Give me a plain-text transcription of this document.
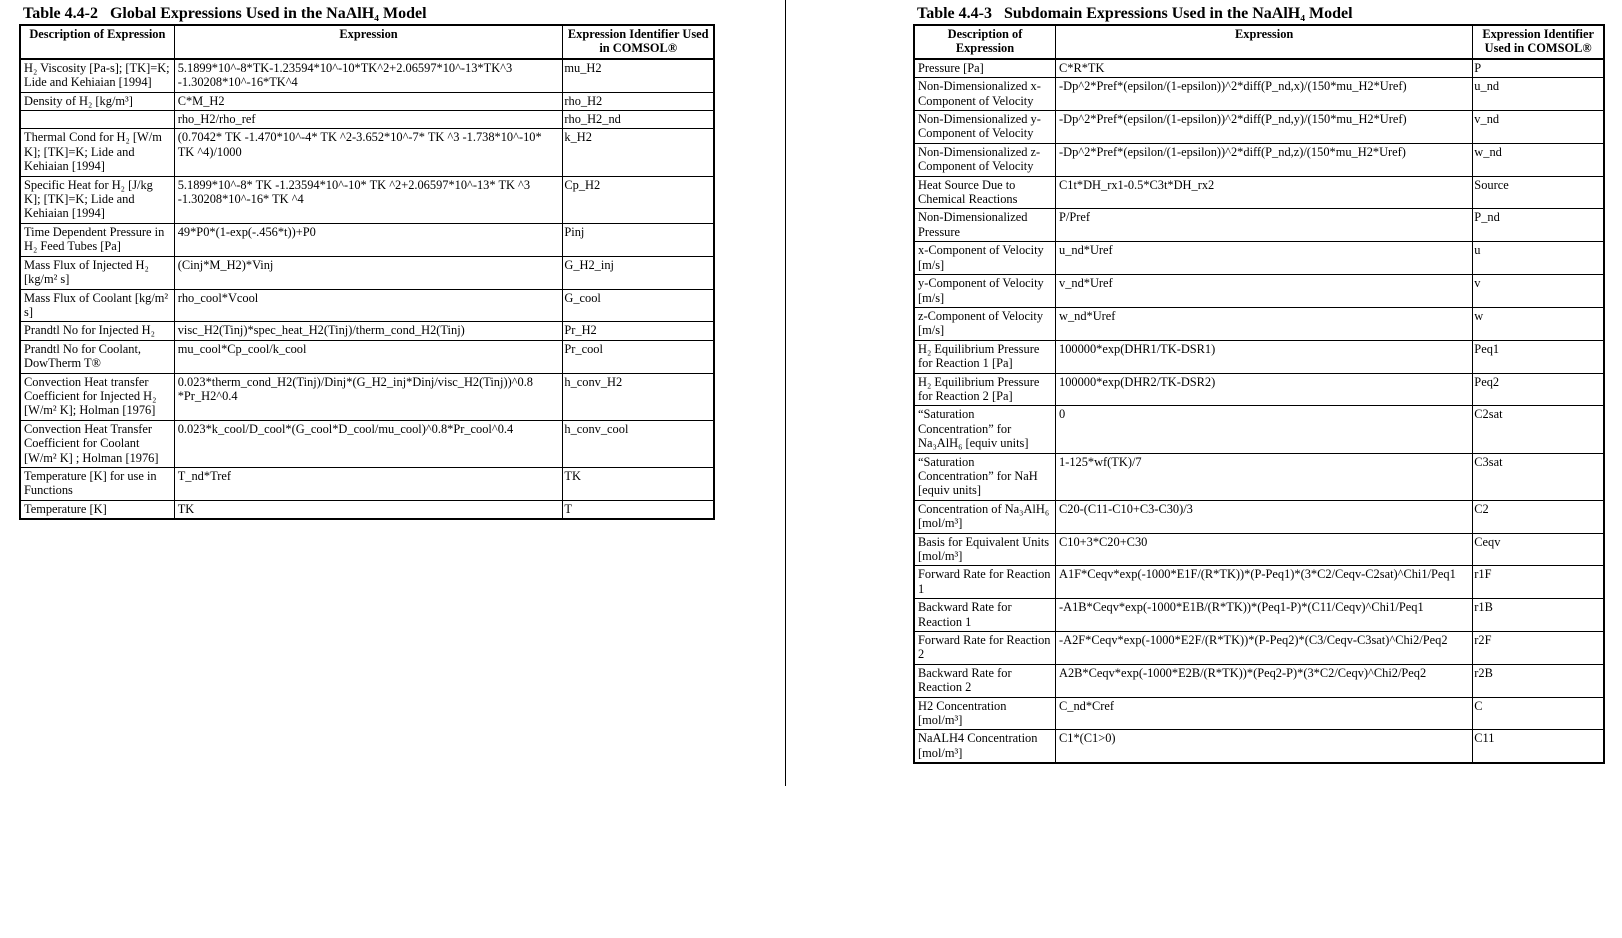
Table 4.4-2   Global Expressions Used in the NaAlH₄ Model
Description of Expression	Expression	Expression Identifier Used in COMSOL®
H₂ Viscosity [Pa-s]; [TK]=K; Lide and Kehiaian [1994]	5.1899*10^-8*TK-1.23594*10^-10*TK^2+2.06597*10^-13*TK^3 -1.30208*10^-16*TK^4	mu_H2
Density of H₂ [kg/m³]	C*M_H2	rho_H2
	rho_H2/rho_ref	rho_H2_nd
Thermal Cond for H₂ [W/m K]; [TK]=K; Lide and Kehiaian [1994]	(0.7042* TK -1.470*10^-4* TK ^2-3.652*10^-7* TK ^3 -1.738*10^-10* TK ^4)/1000	k_H2
Specific Heat for H₂ [J/kg K]; [TK]=K; Lide and Kehiaian [1994]	5.1899*10^-8* TK -1.23594*10^-10* TK ^2+2.06597*10^-13* TK ^3 -1.30208*10^-16* TK ^4	Cp_H2
Time Dependent Pressure in H₂ Feed Tubes [Pa]	49*P0*(1-exp(-.456*t))+P0	Pinj
Mass Flux of Injected H₂ [kg/m² s]	(Cinj*M_H2)*Vinj	G_H2_inj
Mass Flux of Coolant [kg/m² s]	rho_cool*Vcool	G_cool
Prandtl No for Injected H₂	visc_H2(Tinj)*spec_heat_H2(Tinj)/therm_cond_H2(Tinj)	Pr_H2
Prandtl No for Coolant, DowTherm T®	mu_cool*Cp_cool/k_cool	Pr_cool
Convection Heat transfer Coefficient for Injected H₂ [W/m² K]; Holman [1976]	0.023*therm_cond_H2(Tinj)/Dinj*(G_H2_inj*Dinj/visc_H2(Tinj))^0.8 *Pr_H2^0.4	h_conv_H2
Convection Heat Transfer Coefficient for Coolant [W/m² K] ; Holman [1976]	0.023*k_cool/D_cool*(G_cool*D_cool/mu_cool)^0.8*Pr_cool^0.4	h_conv_cool
Temperature [K] for use in Functions	T_nd*Tref	TK
Temperature [K]	TK	T
Table 4.4-3   Subdomain Expressions Used in the NaAlH₄ Model
Description of Expression	Expression	Expression Identifier Used in COMSOL®
Pressure [Pa]	C*R*TK	P
Non-Dimensionalized x-Component of Velocity	-Dp^2*Pref*(epsilon/(1-epsilon))^2*diff(P_nd,x)/(150*mu_H2*Uref)	u_nd
Non-Dimensionalized y-Component of Velocity	-Dp^2*Pref*(epsilon/(1-epsilon))^2*diff(P_nd,y)/(150*mu_H2*Uref)	v_nd
Non-Dimensionalized z-Component of Velocity	-Dp^2*Pref*(epsilon/(1-epsilon))^2*diff(P_nd,z)/(150*mu_H2*Uref)	w_nd
Heat Source Due to Chemical Reactions	C1t*DH_rx1-0.5*C3t*DH_rx2	Source
Non-Dimensionalized Pressure	P/Pref	P_nd
x-Component of Velocity [m/s]	u_nd*Uref	u
y-Component of Velocity [m/s]	v_nd*Uref	v
z-Component of Velocity [m/s]	w_nd*Uref	w
H₂ Equilibrium Pressure for Reaction 1 [Pa]	100000*exp(DHR1/TK-DSR1)	Peq1
H₂ Equilibrium Pressure for Reaction 2 [Pa]	100000*exp(DHR2/TK-DSR2)	Peq2
“Saturation Concentration” for Na₃AlH₆ [equiv units]	0	C2sat
“Saturation Concentration” for NaH [equiv units]	1-125*wf(TK)/7	C3sat
Concentration of Na₃AlH₆ [mol/m³]	C20-(C11-C10+C3-C30)/3	C2
Basis for Equivalent Units [mol/m³]	C10+3*C20+C30	Ceqv
Forward Rate for Reaction 1	A1F*Ceqv*exp(-1000*E1F/(R*TK))*(P-Peq1)*(3*C2/Ceqv-C2sat)^Chi1/Peq1	r1F
Backward Rate for Reaction 1	-A1B*Ceqv*exp(-1000*E1B/(R*TK))*(Peq1-P)*(C11/Ceqv)^Chi1/Peq1	r1B
Forward Rate for Reaction 2	-A2F*Ceqv*exp(-1000*E2F/(R*TK))*(P-Peq2)*(C3/Ceqv-C3sat)^Chi2/Peq2	r2F
Backward Rate for Reaction 2	A2B*Ceqv*exp(-1000*E2B/(R*TK))*(Peq2-P)*(3*C2/Ceqv)^Chi2/Peq2	r2B
H2 Concentration [mol/m³]	C_nd*Cref	C
NaALH4 Concentration [mol/m³]	C1*(C1>0)	C11
